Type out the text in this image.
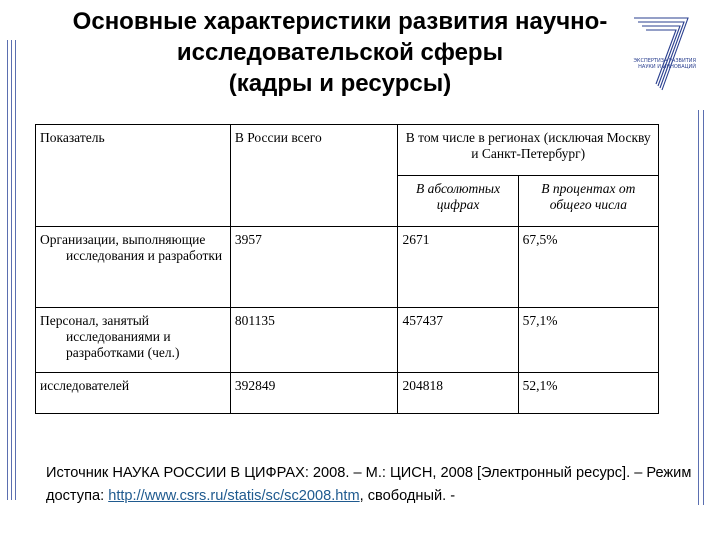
Основные характеристики развития научно-
исследовательской сферы
(кадры и ресурсы)
ЭКСПЕРТИЗА РАЗВИТИЯ НАУКИ И ИННОВАЦИЙ
Показатель	В России всего	В том числе в регионах (исключая Москву и Санкт-Петербург)	
		В абсолютных цифрах	В процентах от общего числа
Организации, выполняющие исследования и разработки	3957	2671	67,5%
Персонал, занятый исследованиями и разработками (чел.)	801135	457437	57,1%
исследователей	392849	204818	52,1%
Источник НАУКА РОССИИ В ЦИФРАХ: 2008. – М.: ЦИСН, 2008 [Электронный ресурс]. – Режим доступа: http://www.csrs.ru/statis/sc/sc2008.htm, свободный. -
